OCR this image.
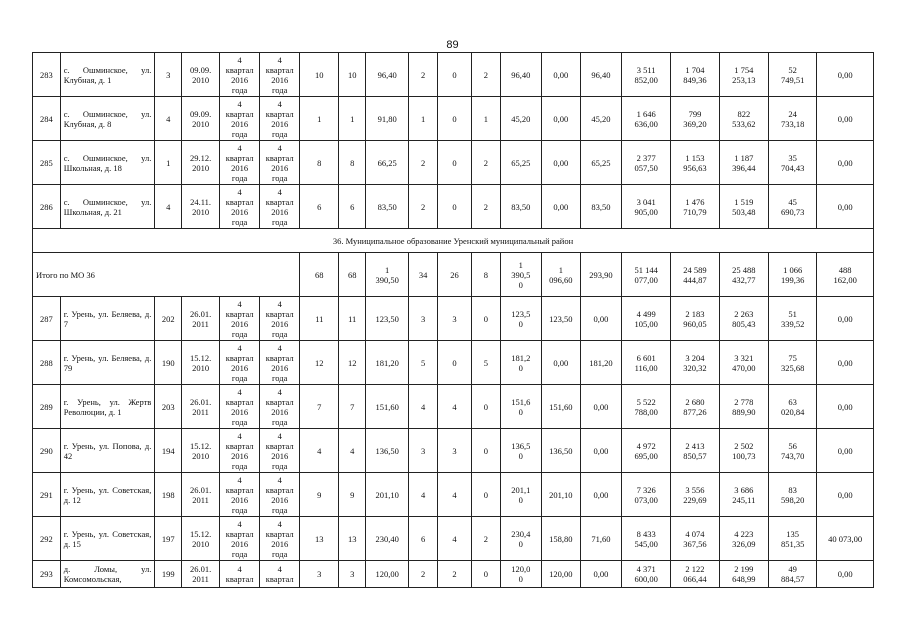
89
283	с. Ошминское, ул. Клубная, д. 1	3	09.09.
2010	4
квартал
2016
года	4
квартал
2016
года	10	10	96,40	2	0	2	96,40	0,00	96,40	3 511
852,00	1 704
849,36	1 754
253,13	52
749,51	0,00
284	с. Ошминское, ул. Клубная, д. 8	4	09.09.
2010	4
квартал
2016
года	4
квартал
2016
года	1	1	91,80	1	0	1	45,20	0,00	45,20	1 646
636,00	799
369,20	822
533,62	24
733,18	0,00
285	с. Ошминское, ул. Школьная, д. 18	1	29.12.
2010	4
квартал
2016
года	4
квартал
2016
года	8	8	66,25	2	0	2	65,25	0,00	65,25	2 377
057,50	1 153
956,63	1 187
396,44	35
704,43	0,00
286	с. Ошминское, ул. Школьная, д. 21	4	24.11.
2010	4
квартал
2016
года	4
квартал
2016
года	6	6	83,50	2	0	2	83,50	0,00	83,50	3 041
905,00	1 476
710,79	1 519
503,48	45
690,73	0,00
36. Муниципальное образование Уренский муниципальный район																			
Итого по МО 36						68	68	1
390,50	34	26	8	1
390,5
0	1
096,60	293,90	51 144
077,00	24 589
444,87	25 488
432,77	1 066
199,36	488
162,00
287	г. Урень, ул. Беляева, д. 7	202	26.01.
2011	4
квартал
2016
года	4
квартал
2016
года	11	11	123,50	3	3	0	123,5
0	123,50	0,00	4 499
105,00	2 183
960,05	2 263
805,43	51
339,52	0,00
288	г. Урень, ул. Беляева, д. 79	190	15.12.
2010	4
квартал
2016
года	4
квартал
2016
года	12	12	181,20	5	0	5	181,2
0	0,00	181,20	6 601
116,00	3 204
320,32	3 321
470,00	75
325,68	0,00
289	г. Урень, ул. Жертв Революции, д. 1	203	26.01.
2011	4
квартал
2016
года	4
квартал
2016
года	7	7	151,60	4	4	0	151,6
0	151,60	0,00	5 522
788,00	2 680
877,26	2 778
889,90	63
020,84	0,00
290	г. Урень, ул. Попова, д. 42	194	15.12.
2010	4
квартал
2016
года	4
квартал
2016
года	4	4	136,50	3	3	0	136,5
0	136,50	0,00	4 972
695,00	2 413
850,57	2 502
100,73	56
743,70	0,00
291	г. Урень, ул. Советская, д. 12	198	26.01.
2011	4
квартал
2016
года	4
квартал
2016
года	9	9	201,10	4	4	0	201,1
0	201,10	0,00	7 326
073,00	3 556
229,69	3 686
245,11	83
598,20	0,00
292	г. Урень, ул. Советская, д. 15	197	15.12.
2010	4
квартал
2016
года	4
квартал
2016
года	13	13	230,40	6	4	2	230,4
0	158,80	71,60	8 433
545,00	4 074
367,56	4 223
326,09	135
851,35	40 073,00
293	д. Ломы, ул. Комсомольская,	199	26.01.
2011	4
квартал	4
квартал	3	3	120,00	2	2	0	120,0
0	120,00	0,00	4 371
600,00	2 122
066,44	2 199
648,99	49
884,57	0,00
